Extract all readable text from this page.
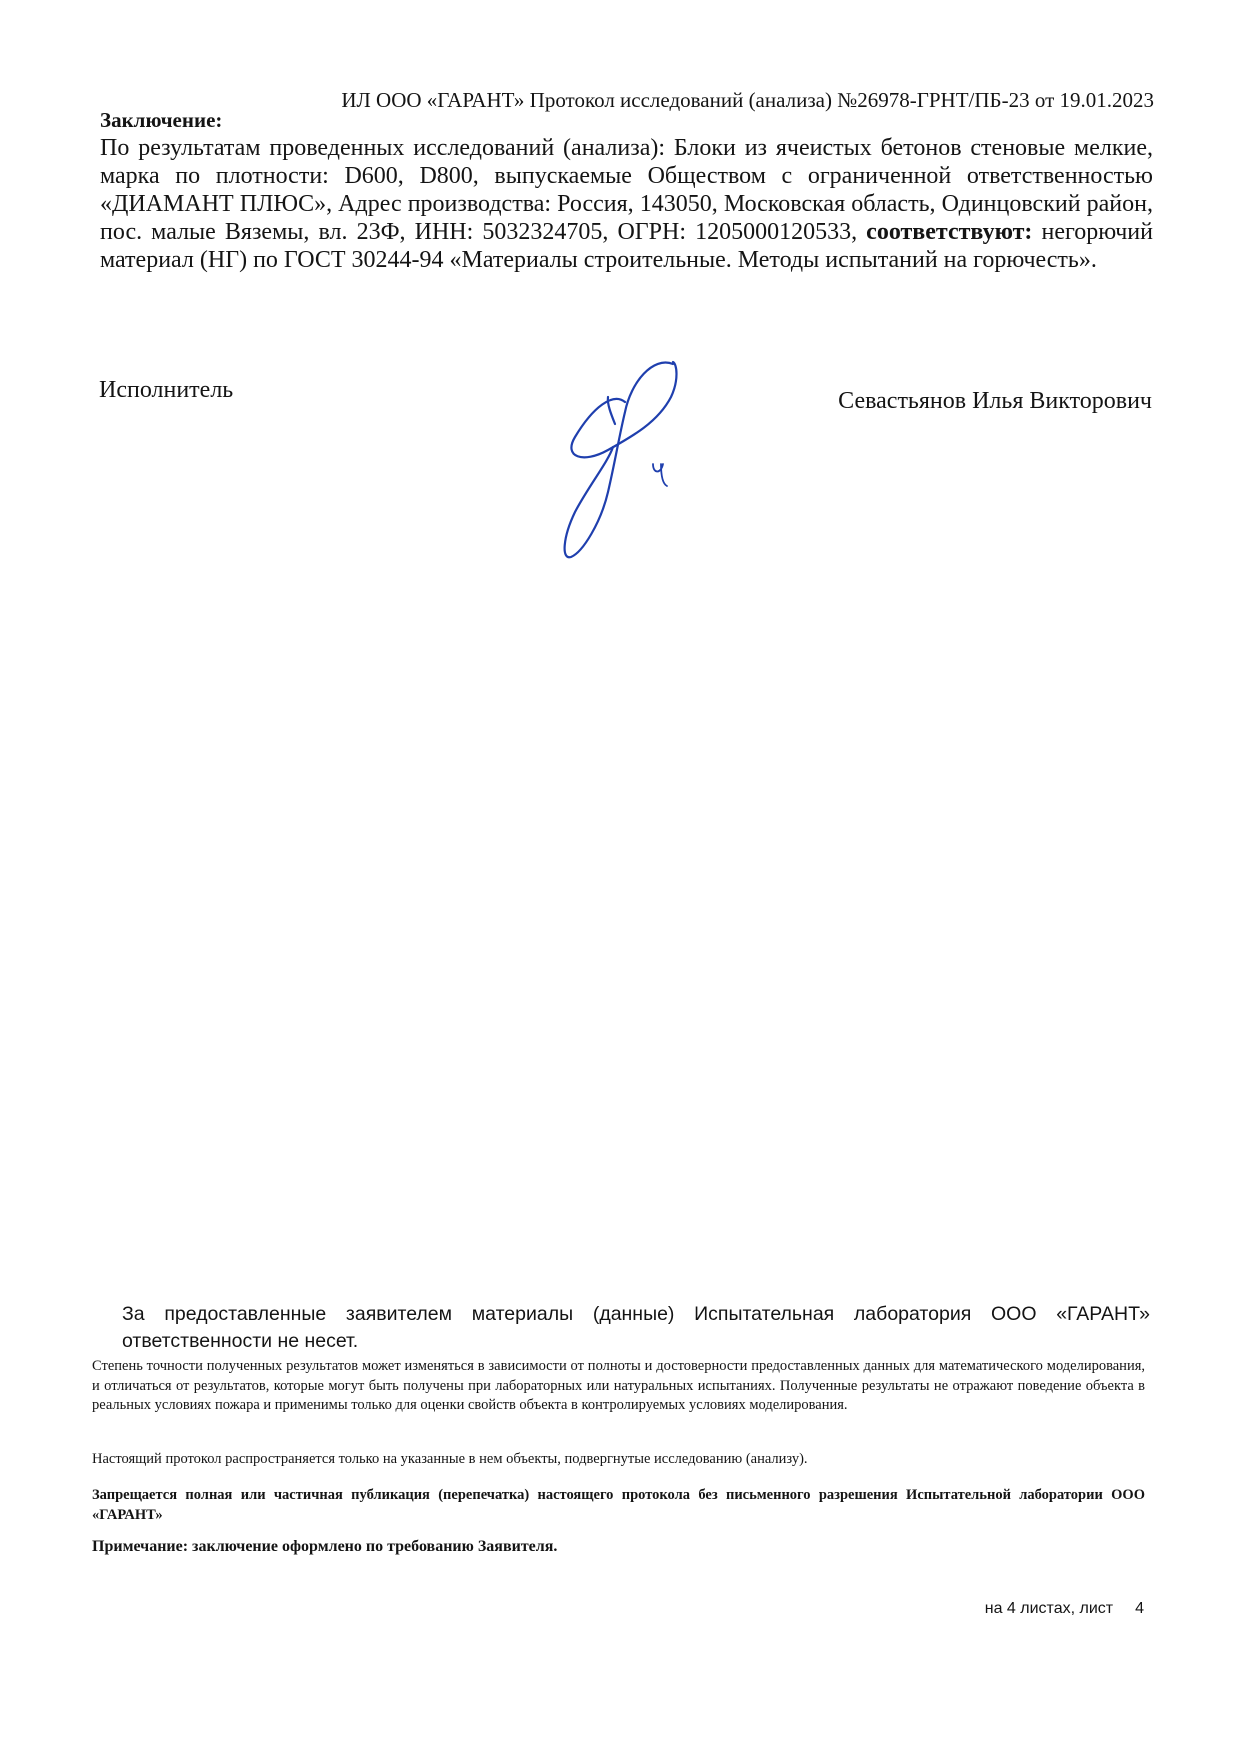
ИЛ ООО «ГАРАНТ» Протокол исследований (анализа) №26978-ГРНТ/ПБ-23 от 19.01.2023
Заключение:
По результатам проведенных исследований (анализа): Блоки из ячеистых бетонов стеновые мелкие, марка по плотности: D600, D800, выпускаемые Обществом с ограниченной ответственностью «ДИАМАНТ ПЛЮС», Адрес производства: Россия, 143050, Московская область, Одинцовский район, пос. малые Вяземы, вл. 23Ф, ИНН: 5032324705, ОГРН: 1205000120533, соответствуют: негорючий материал (НГ) по ГОСТ 30244-94 «Материалы строительные. Методы испытаний на горючесть».
Исполнитель	Севастьянов Илья Викторович
За предоставленные заявителем материалы (данные) Испытательная лаборатория ООО «ГАРАНТ» ответственности не несет.
Степень точности полученных результатов может изменяться в зависимости от полноты и достоверности предоставленных данных для математического моделирования, и отличаться от результатов, которые могут быть получены при лабораторных или натуральных испытаниях. Полученные результаты не отражают поведение объекта в реальных условиях пожара и применимы только для оценки свойств объекта в контролируемых условиях моделирования.
Настоящий протокол распространяется только на указанные в нем объекты, подвергнутые исследованию (анализу).
Запрещается полная или частичная публикация (перепечатка) настоящего протокола без письменного разрешения Испытательной лаборатории ООО «ГАРАНТ»
Примечание: заключение оформлено по требованию Заявителя.
на 4 листах, лист 4
